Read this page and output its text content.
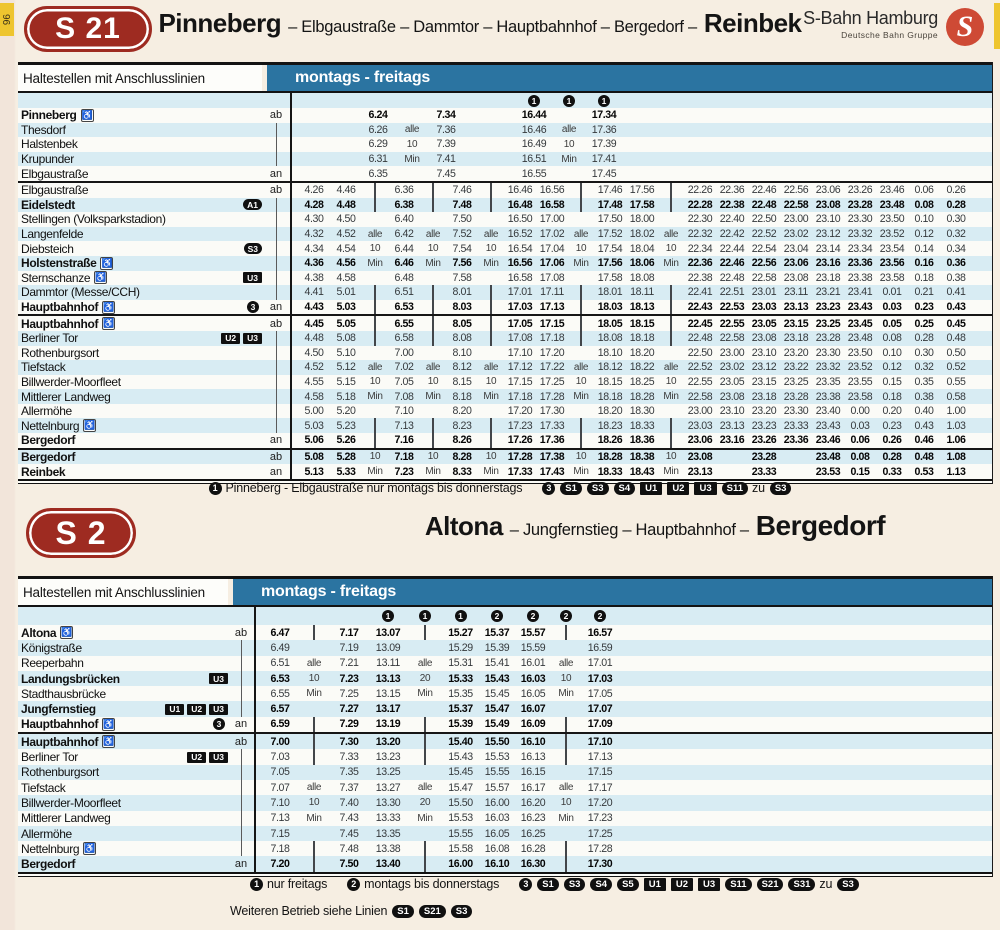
96 S 21 Pinneberg – Elbgaustraße – Dammtor – Hauptbahnhof – Bergedorf – Reinbek S-Bahn Hamburg
Deutsche Bahn Gruppe S
Haltestellen mit Anschlusslinien	montags - freitags
1	1	1
Pinneberg ♿	ab	6.24	7.34	16.44	17.34
Thesdorf	6.26 alle 7.36	16.46 alle 17.36
Halstenbek	6.29 10 7.39	16.49 10 17.39
Krupunder	6.31 Min 7.41	16.51 Min 17.41
Elbgaustraße	an	6.35	7.45	16.55	17.45
Elbgaustraße	ab	4.26 4.46	6.36	7.46	16.46 16.56	17.46 17.56	22.26 22.36 22.46 22.56 23.06 23.26 23.46 0.06 0.26
Eidelstedt	A1	4.28 4.48	6.38	7.48	16.48 16.58	17.48 17.58	22.28 22.38 22.48 22.58 23.08 23.28 23.48 0.08 0.28
Stellingen (Volksparkstadion)	4.30 4.50	6.40	7.50	16.50 17.00	17.50 18.00	22.30 22.40 22.50 23.00 23.10 23.30 23.50 0.10 0.30
Langenfelde	4.32 4.52 alle 6.42 alle 7.52 alle 16.52 17.02 alle 17.52 18.02 alle 22.32 22.42 22.52 23.02 23.12 23.32 23.52 0.12 0.32
Diebsteich	S3	4.34 4.54 10 6.44 10 7.54 10 16.54 17.04 10 17.54 18.04 10 22.34 22.44 22.54 23.04 23.14 23.34 23.54 0.14 0.34
Holstenstraße ♿	4.36 4.56 Min 6.46 Min 7.56 Min 16.56 17.06 Min 17.56 18.06 Min 22.36 22.46 22.56 23.06 23.16 23.36 23.56 0.16 0.36
Sternschanze ♿	U3	4.38 4.58	6.48	7.58	16.58 17.08	17.58 18.08	22.38 22.48 22.58 23.08 23.18 23.38 23.58 0.18 0.38
Dammtor (Messe/CCH)	4.41 5.01	6.51	8.01	17.01 17.11	18.01 18.11	22.41 22.51 23.01 23.11 23.21 23.41 0.01 0.21 0.41
Hauptbahnhof ♿	3	an	4.43 5.03	6.53	8.03	17.03 17.13	18.03 18.13	22.43 22.53 23.03 23.13 23.23 23.43 0.03 0.23 0.43
Hauptbahnhof ♿	ab	4.45 5.05	6.55	8.05	17.05 17.15	18.05 18.15	22.45 22.55 23.05 23.15 23.25 23.45 0.05 0.25 0.45
Berliner Tor	U2	U3	4.48 5.08	6.58	8.08	17.08 17.18	18.08 18.18	22.48 22.58 23.08 23.18 23.28 23.48 0.08 0.28 0.48
Rothenburgsort	4.50 5.10	7.00	8.10	17.10 17.20	18.10 18.20	22.50 23.00 23.10 23.20 23.30 23.50 0.10 0.30 0.50
Tiefstack	4.52 5.12 alle 7.02 alle 8.12 alle 17.12 17.22 alle 18.12 18.22 alle 22.52 23.02 23.12 23.22 23.32 23.52 0.12 0.32 0.52
Billwerder-Moorfleet	4.55 5.15 10 7.05 10 8.15 10 17.15 17.25 10 18.15 18.25 10 22.55 23.05 23.15 23.25 23.35 23.55 0.15 0.35 0.55
Mittlerer Landweg	4.58 5.18 Min 7.08 Min 8.18 Min 17.18 17.28 Min 18.18 18.28 Min 22.58 23.08 23.18 23.28 23.38 23.58 0.18 0.38 0.58
Allermöhe	5.00 5.20	7.10	8.20	17.20 17.30	18.20 18.30	23.00 23.10 23.20 23.30 23.40 0.00 0.20 0.40 1.00
Nettelnburg ♿	5.03 5.23	7.13	8.23	17.23 17.33	18.23 18.33	23.03 23.13 23.23 23.33 23.43 0.03 0.23 0.43 1.03
Bergedorf	an	5.06 5.26	7.16	8.26	17.26 17.36	18.26 18.36	23.06 23.16 23.26 23.36 23.46 0.06 0.26 0.46 1.06
Bergedorf	ab	5.08 5.28 10 7.18 10 8.28 10 17.28 17.38 10 18.28 18.38 10 23.08	23.28	23.48 0.08 0.28 0.48 1.08
Reinbek	an	5.13 5.33 Min 7.23 Min 8.33 Min 17.33 17.43 Min 18.33 18.43 Min 23.13	23.33	23.53 0.15 0.33 0.53 1.13
1 Pinneberg - Elbgaustraße nur montags bis donnerstags	3	S1	S3	S4	U1	U2	U3	S11 zu	S3
S 2	Altona – Jungfernstieg – Hauptbahnhof – Bergedorf
Haltestellen mit Anschlusslinien	montags - freitags
1	1	1	2	2	2	2
Altona ♿	ab	6.47	7.17 13.07	15.27 15.37 15.57	16.57
Königstraße	6.49	7.19 13.09	15.29 15.39 15.59	16.59
Reeperbahn	6.51 alle 7.21 13.11 alle 15.31 15.41 16.01 alle 17.01
Landungsbrücken	U3	6.53 10 7.23 13.13 20 15.33 15.43 16.03 10 17.03
Stadthausbrücke	6.55 Min 7.25 13.15 Min 15.35 15.45 16.05 Min 17.05
Jungfernstieg	U1	U2	U3	6.57	7.27 13.17	15.37 15.47 16.07	17.07
Hauptbahnhof ♿	3	an	6.59	7.29 13.19	15.39 15.49 16.09	17.09
Hauptbahnhof ♿	ab	7.00	7.30 13.20	15.40 15.50 16.10	17.10
Berliner Tor	U2	U3	7.03	7.33 13.23	15.43 15.53 16.13	17.13
Rothenburgsort	7.05	7.35 13.25	15.45 15.55 16.15	17.15
Tiefstack	7.07 alle 7.37 13.27 alle 15.47 15.57 16.17 alle 17.17
Billwerder-Moorfleet	7.10 10 7.40 13.30 20 15.50 16.00 16.20 10 17.20
Mittlerer Landweg	7.13 Min 7.43 13.33 Min 15.53 16.03 16.23 Min 17.23
Allermöhe	7.15	7.45 13.35	15.55 16.05 16.25	17.25
Nettelnburg ♿	7.18	7.48 13.38	15.58 16.08 16.28	17.28
Bergedorf	an	7.20	7.50 13.40	16.00 16.10 16.30	17.30
1 nur freitags	2 montags bis donnerstags	3	S1	S3	S4	S5	U1	U2	U3	S11	S21	S31 zu	S3
Weiteren Betrieb siehe Linien	S1	S21	S3
